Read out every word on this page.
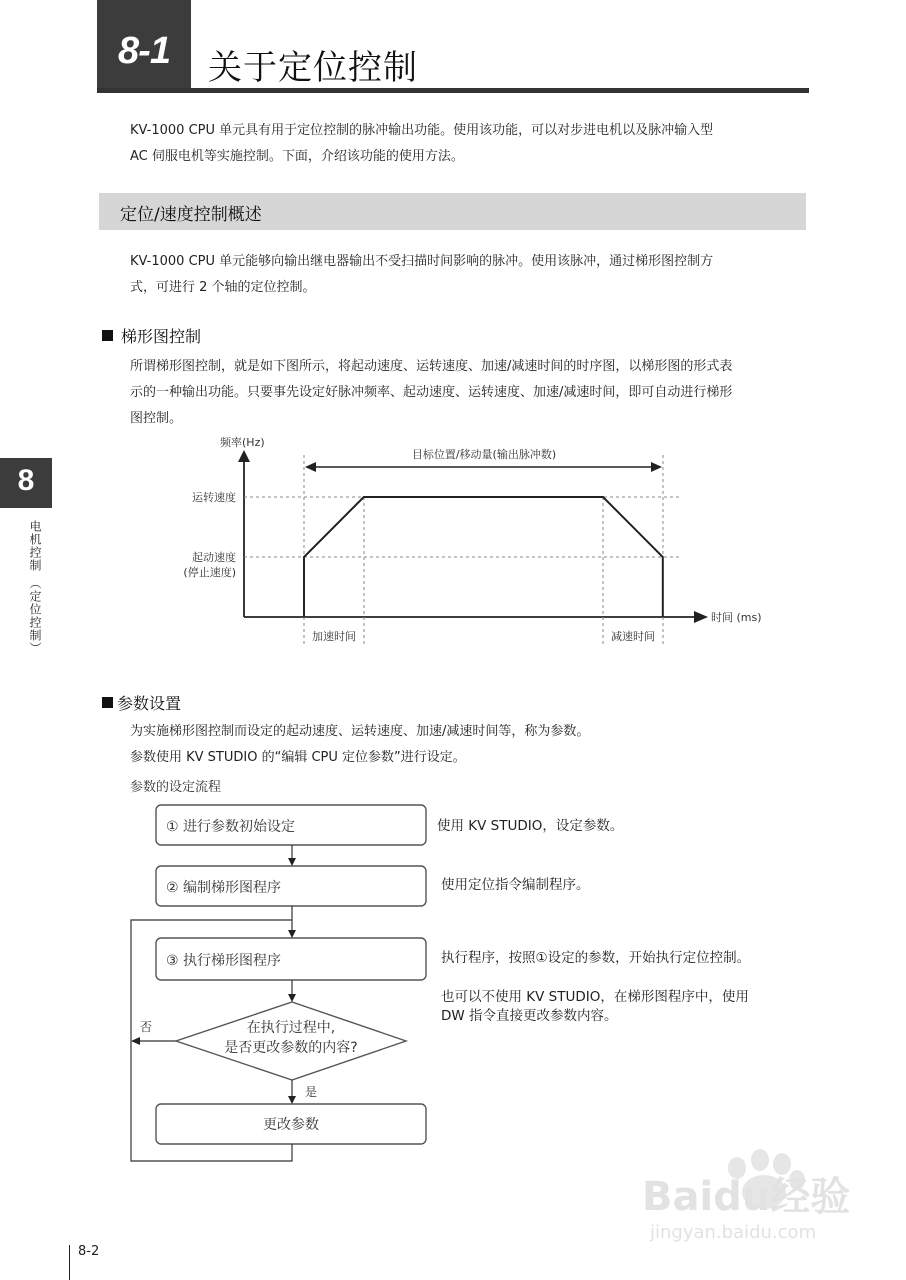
8-1	关于定位控制
KV-1000 CPU 单元具有用于定位控制的脉冲输出功能。使用该功能，可以对步进电机以及脉冲输入型
AC 伺服电机等实施控制。下面，介绍该功能的使用方法。
定位/速度控制概述
KV-1000 CPU 单元能够向输出继电器输出不受扫描时间影响的脉冲。使用该脉冲，通过梯形图控制方
式，可进行 2 个轴的定位控制。
梯形图控制
所谓梯形图控制，就是如下图所示，将起动速度、运转速度、加速/减速时间的时序图，以梯形图的形式表
示的一种输出功能。只要事先设定好脉冲频率、起动速度、运转速度、加速/减速时间，即可自动进行梯形
图控制。
频率(Hz)
目标位置/移动量(输出脉冲数)
运转速度
起动速度
(停止速度)
时间 (ms)
加速时间	减速时间
参数设置
为实施梯形图控制而设定的起动速度、运转速度、加速/减速时间等，称为参数。
参数使用 KV STUDIO 的“编辑 CPU 定位参数”进行设定。
参数的设定流程
① 进行参数初始设定
② 编制梯形图程序
③ 执行梯形图程序
在执行过程中,
是否更改参数的内容?
更改参数
否
是
使用 KV STUDIO，设定参数。
使用定位指令编制程序。
执行程序，按照①设定的参数，开始执行定位控制。
也可以不使用 KV STUDIO，在梯形图程序中，使用
DW 指令直接更改参数内容。
8
电机控制 （定位控制）
8-2
Baidu经验
jingyan.baidu.com
